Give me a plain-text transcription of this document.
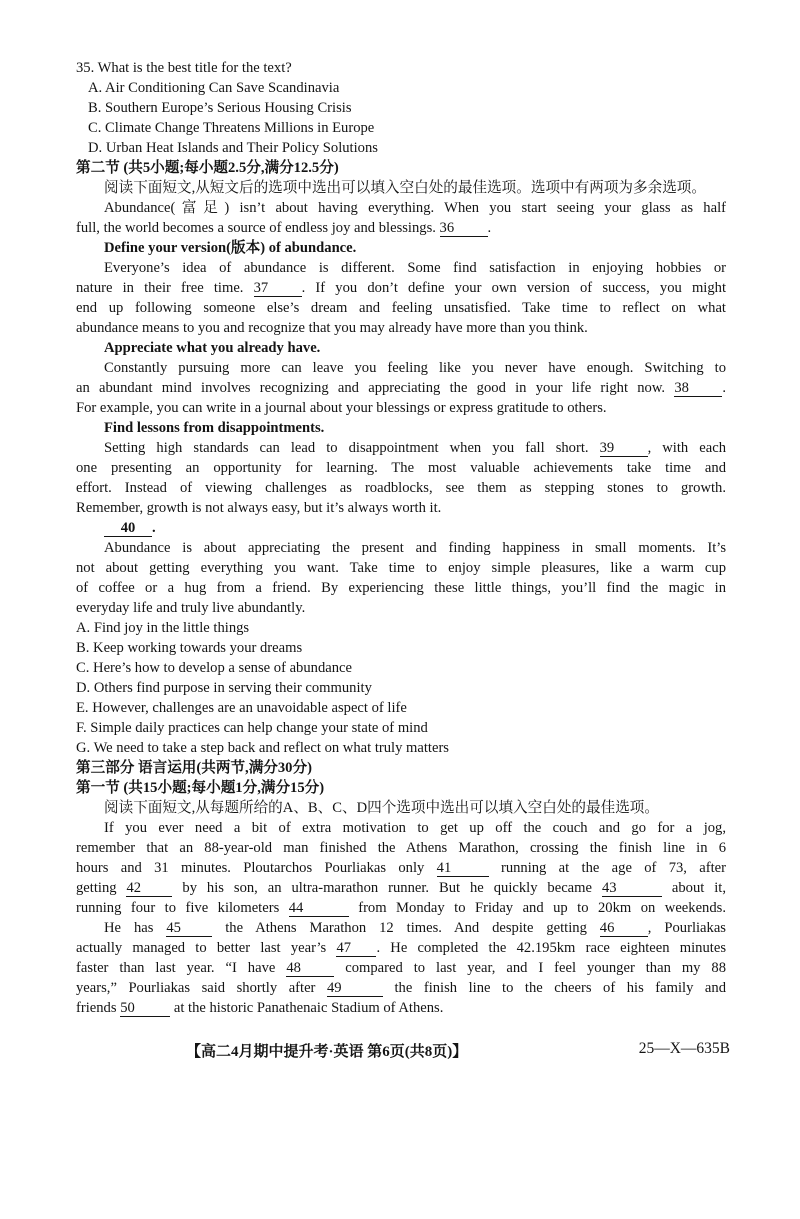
35. What is the best title for the text?

A. Air Conditioning Can Save Scandinavia

B. Southern Europe’s Serious Housing Crisis

C. Climate Change Threatens Millions in Europe

D. Urban Heat Islands and Their Policy Solutions

第二节 (共5小题;每小题2.5分,满分12.5分)

阅读下面短文,从短文后的选项中选出可以填入空白处的最佳选项。选项中有两项为多余选项。

Abundance(富足) isn’t about having everything. When you start seeing your glass as half
full, the world becomes a source of endless joy and blessings. 36 .

Define your version(版本) of abundance.

Everyone’s idea of abundance is different. Some find satisfaction in enjoying hobbies or
nature in their free time. 37 . If you don’t define your own version of success, you might
end up following someone else’s dream and feeling unsatisfied. Take time to reflect on what
abundance means to you and recognize that you may already have more than you think.

Appreciate what you already have.

Constantly pursuing more can leave you feeling like you never have enough. Switching to
an abundant mind involves recognizing and appreciating the good in your life right now. 38 .
For example, you can write in a journal about your blessings or express gratitude to others.

Find lessons from disappointments.

Setting high standards can lead to disappointment when you fall short. 39 , with each
one presenting an opportunity for learning. The most valuable achievements take time and
effort. Instead of viewing challenges as roadblocks, see them as stepping stones to growth.
Remember, growth is not always easy, but it’s always worth it.

40 .

Abundance is about appreciating the present and finding happiness in small moments. It’s
not about getting everything you want. Take time to enjoy simple pleasures, like a warm cup
of coffee or a hug from a friend. By experiencing these little things, you’ll find the magic in
everyday life and truly live abundantly.
A. Find joy in the little things
B. Keep working towards your dreams
C. Here’s how to develop a sense of abundance
D. Others find purpose in serving their community
E. However, challenges are an unavoidable aspect of life
F. Simple daily practices can help change your state of mind
G. We need to take a step back and reflect on what truly matters

第三部分 语言运用(共两节,满分30分)

第一节 (共15小题;每小题1分,满分15分)

阅读下面短文,从每题所给的A、B、C、D四个选项中选出可以填入空白处的最佳选项。

If you ever need a bit of extra motivation to get up off the couch and go for a jog,
remember that an 88-year-old man finished the Athens Marathon, crossing the finish line in 6
hours and 31 minutes. Ploutarchos Pourliakas only 41	running at the age of 73, after
getting 42 by his son, an ultra-marathon runner. But he quickly became 43	about it,
running four to five kilometers 44	from Monday to Friday and up to 20km on weekends.
He has 45 the Athens Marathon 12 times. And despite getting 46 , Pourliakas
actually managed to better last year’s 47 . He completed the 42.195km race eighteen minutes
faster than last year. “I have 48 compared to last year, and I feel younger than my 88
years,” Pourliakas said shortly after 49	the finish line to the cheers of his family and
friends 50 at the historic Panathenaic Stadium of Athens.
【高二4月期中提升考·英语 第6页(共8页)】	25—X—635B
